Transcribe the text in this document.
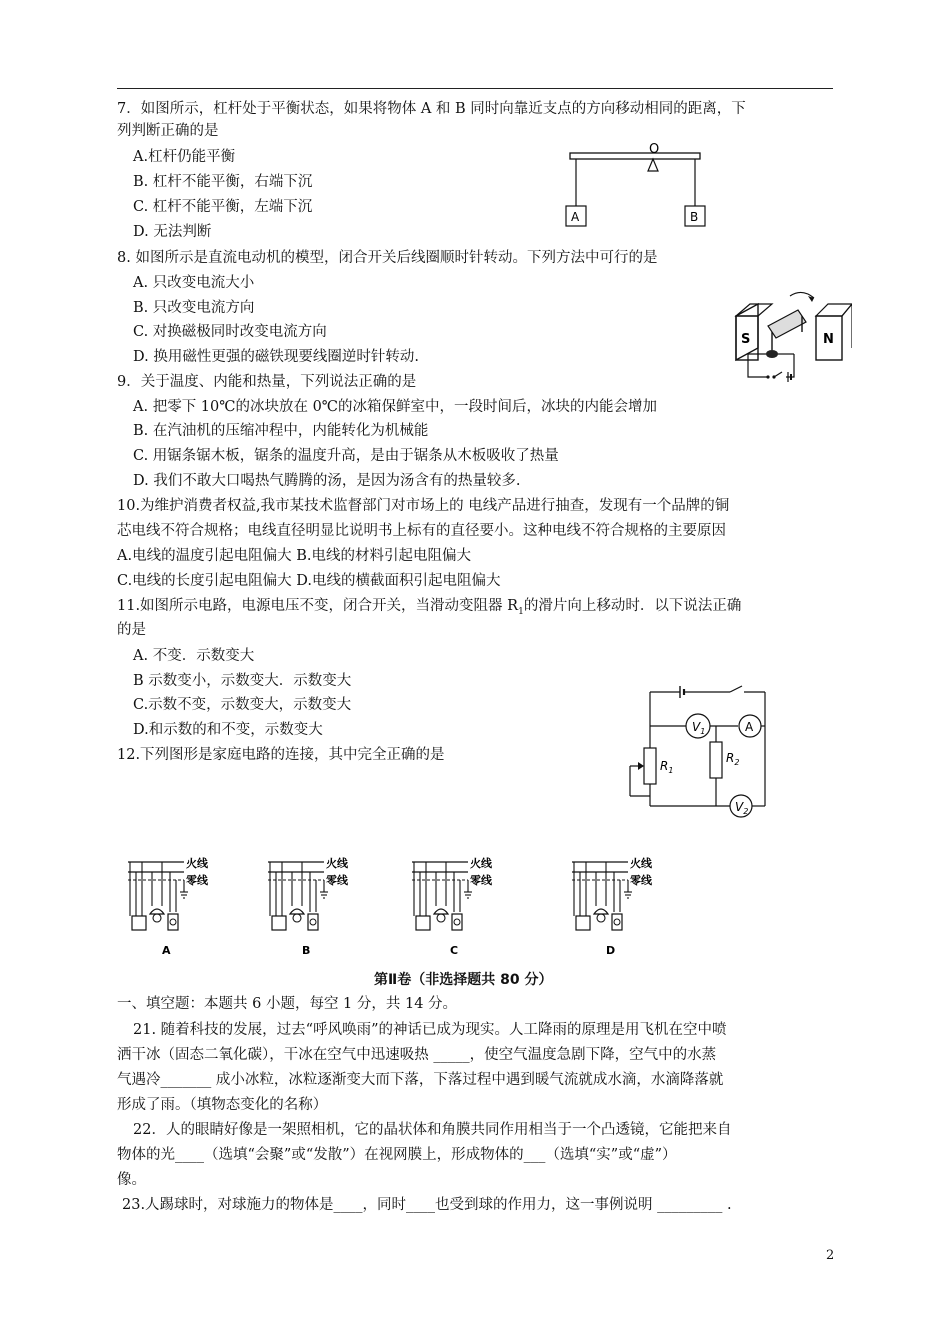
7．如图所示，杠杆处于平衡状态，如果将物体 A 和 B 同时向靠近支点的方向移动相同的距离，下
列判断正确的是
A.杠杆仍能平衡
B. 杠杆不能平衡，右端下沉
C. 杠杆不能平衡，左端下沉
D. 无法判断
O
A	B
8. 如图所示是直流电动机的模型，闭合开关后线圈顺时针转动。下列方法中可行的是
A. 只改变电流大小
B. 只改变电流方向
C. 对换磁极同时改变电流方向
D. 换用磁性更强的磁铁现要线圈逆时针转动.
S	N
9．关于温度、内能和热量，下列说法正确的是
A. 把零下 10℃的冰块放在 0℃的冰箱保鲜室中，一段时间后，冰块的内能会增加
B. 在汽油机的压缩冲程中，内能转化为机械能
C. 用锯条锯木板，锯条的温度升高，是由于锯条从木板吸收了热量
D. 我们不敢大口喝热气腾腾的汤，是因为汤含有的热量较多.
10.为维护消费者权益,我市某技术监督部门对市场上的 电线产品进行抽查，发现有一个品牌的铜
芯电线不符合规格；电线直径明显比说明书上标有的直径要小。这种电线不符合规格的主要原因
A.电线的温度引起电阻偏大 B.电线的材料引起电阻偏大
C.电线的长度引起电阻偏大 D.电线的横截面积引起电阻偏大
11.如图所示电路，电源电压不变，闭合开关，当滑动变阻器 $R_1$的滑片向上移动时．以下说法正确
的是
A. 不变．示数变大
B 示数变小，示数变大．示数变大
C.示数不变，示数变大，示数变大
D.和示数的和不变，示数变大	$V_1$	A
$R_1$
$R_2$
$V_2$
12.下列图形是家庭电路的连接，其中完全正确的是
火线
零线
火线
零线
火线
零线
火线
零线
A	B	C	D
第Ⅱ卷（非选择题共 80 分）
一、填空题：本题共 6 小题，每空 1 分，共 14 分。
21. 随着科技的发展，过去“呼风唤雨”的神话已成为现实。人工降雨的原理是用飞机在空中喷
洒干冰（固态二氧化碳），干冰在空气中迅速吸热 _____，使空气温度急剧下降，空气中的水蒸
气遇冷_______ 成小冰粒，冰粒逐渐变大而下落，下落过程中遇到暖气流就成水滴，水滴降落就
形成了雨。（填物态变化的名称）
22．人的眼睛好像是一架照相机，它的晶状体和角膜共同作用相当于一个凸透镜，它能把来自
物体的光____（选填“会聚”或“发散”）在视网膜上，形成物体的___（选填“实”或“虚”）
像。
23.人踢球时，对球施力的物体是____，同时____也受到球的作用力，这一事例说明 _________ .
2
